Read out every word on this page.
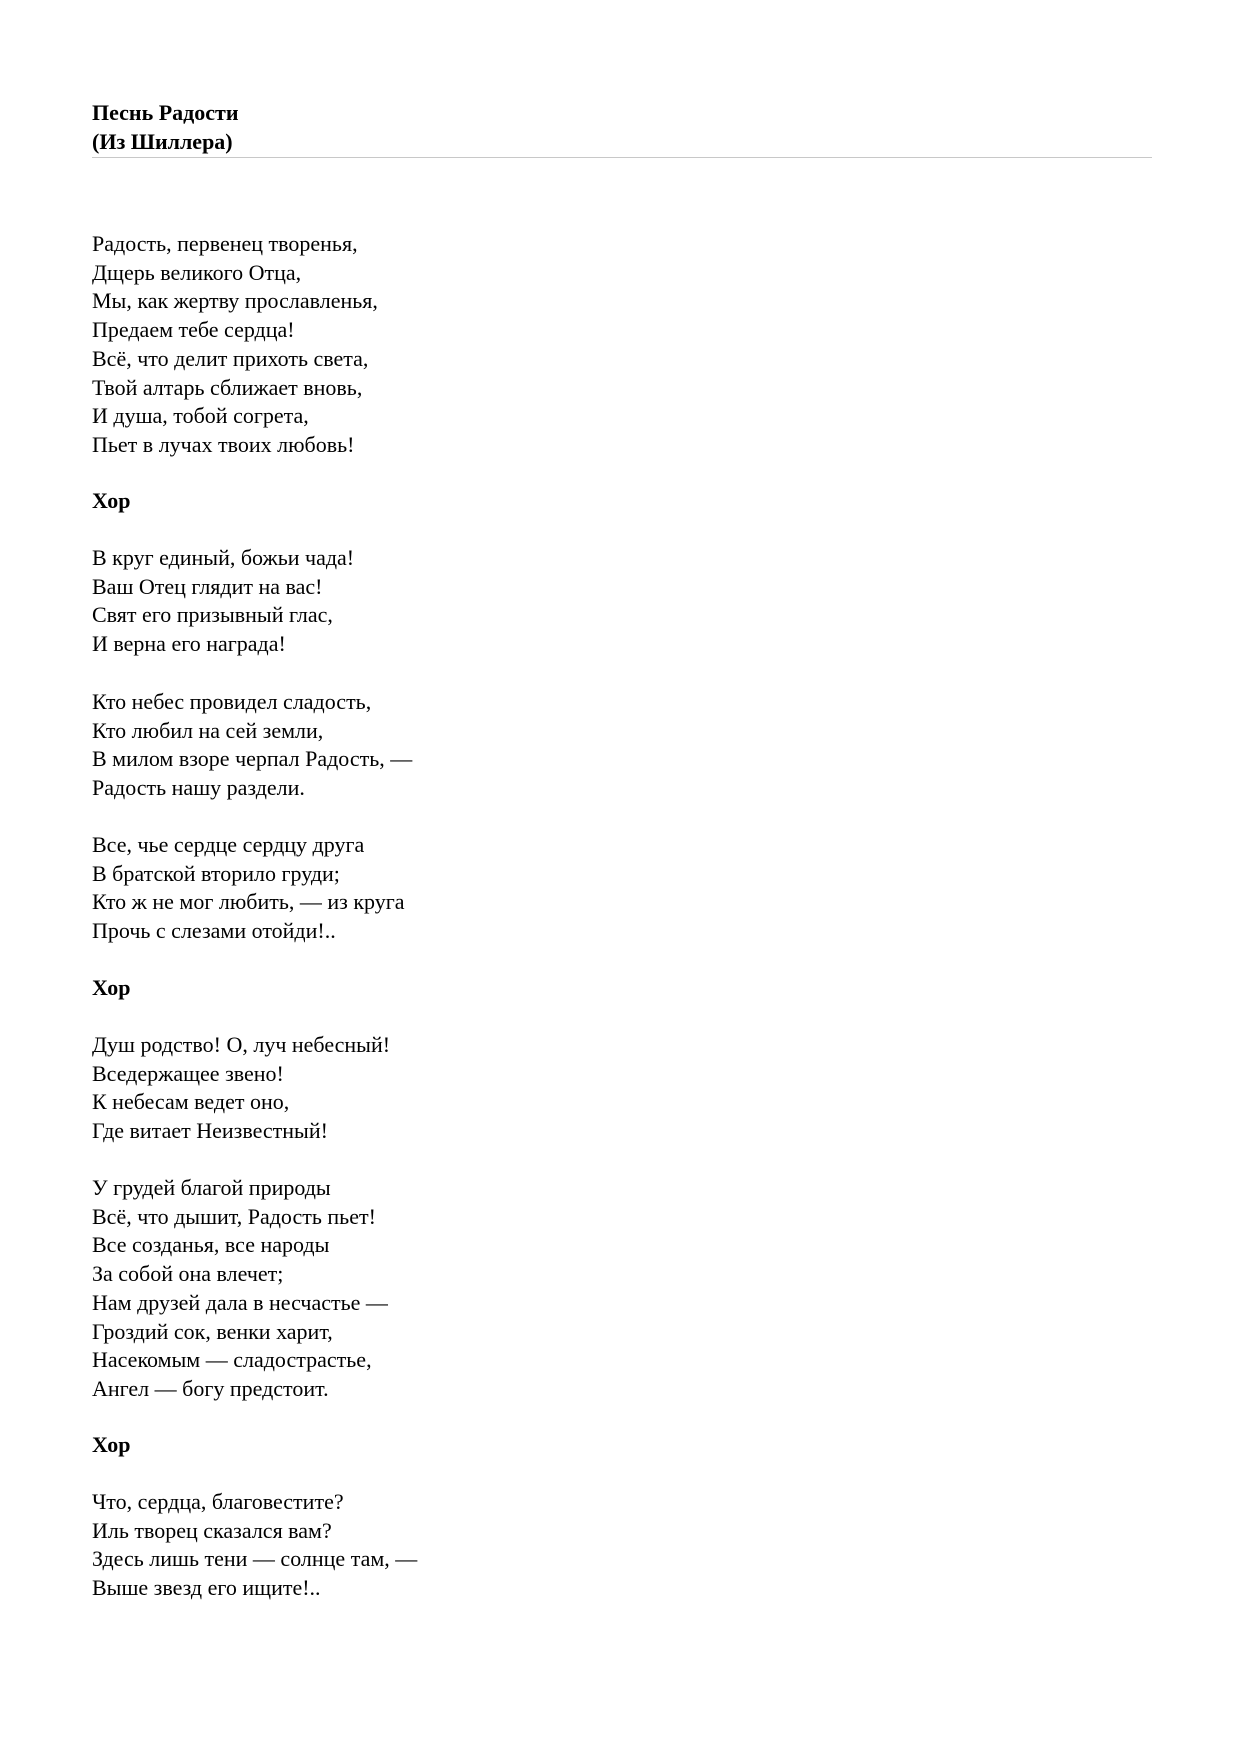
Песнь Радости
(Из Шиллера)
Радость, первенец творенья,
Дщерь великого Отца,
Мы, как жертву прославленья,
Предаем тебе сердца!
Всё, что делит прихоть света,
Твой алтарь сближает вновь,
И душа, тобой согрета,
Пьет в лучах твоих любовь!
Хор
В круг единый, божьи чада!
Ваш Отец глядит на вас!
Свят его призывный глас,
И верна его награда!
Кто небес провидел сладость,
Кто любил на сей земли,
В милом взоре черпал Радость, —
Радость нашу раздели.
Все, чье сердце сердцу друга
В братской вторило груди;
Кто ж не мог любить, — из круга
Прочь с слезами отойди!..
Хор
Душ родство! О, луч небесный!
Вседержащее звено!
К небесам ведет оно,
Где витает Неизвестный!
У грудей благой природы
Всё, что дышит, Радость пьет!
Все созданья, все народы
За собой она влечет;
Нам друзей дала в несчастье —
Гроздий сок, венки харит,
Насекомым — сладострастье,
Ангел — богу предстоит.
Хор
Что, сердца, благовестите?
Иль творец сказался вам?
Здесь лишь тени — солнце там, —
Выше звезд его ищите!..
